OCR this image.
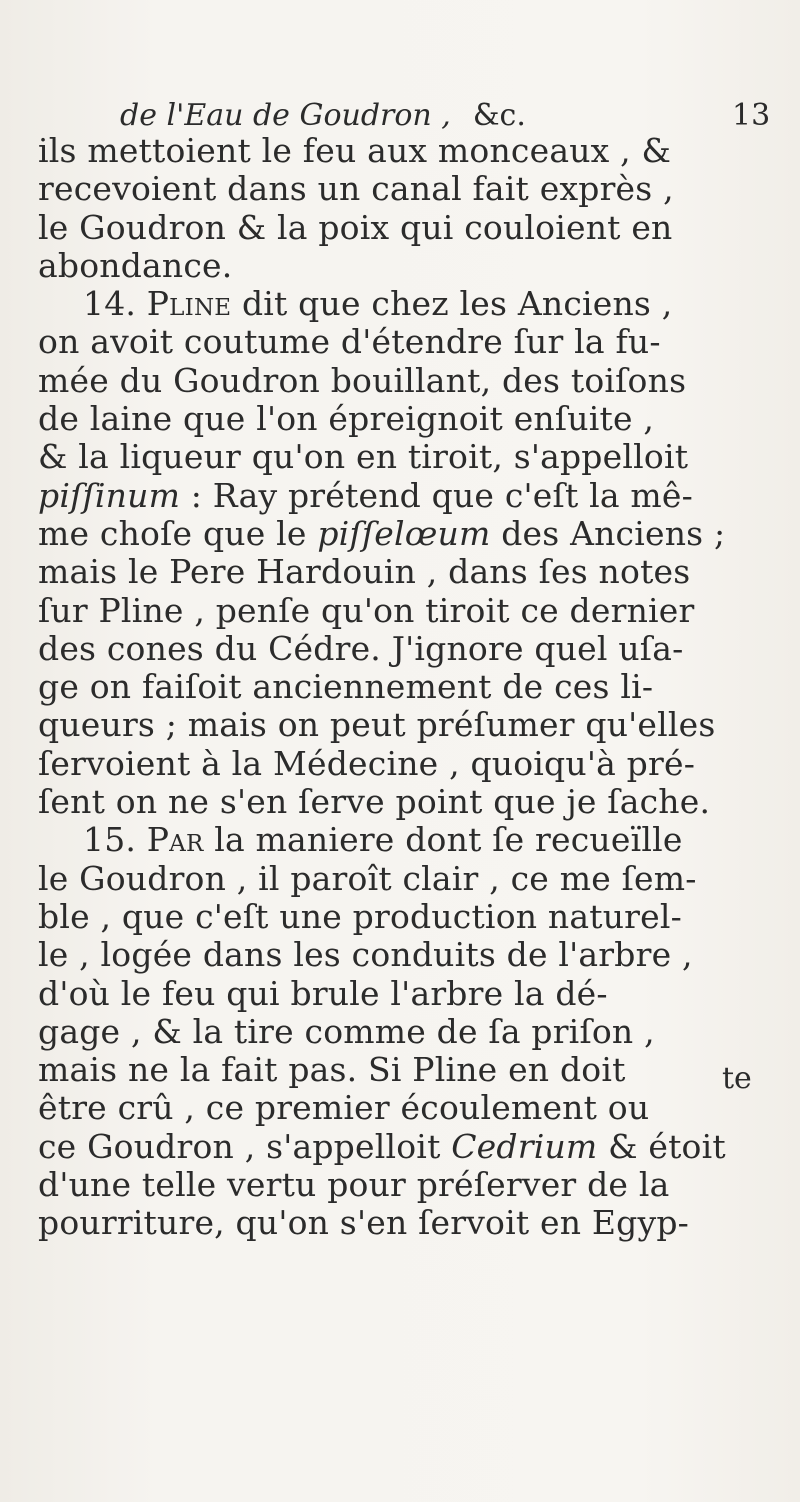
de l'Eau de Goudron , &c.	13
ils mettoient le feu aux monceaux , &
recevoient dans un canal fait exprès ,
le Goudron & la poix qui couloient en
abondance.
14. Pline dit que chez les Anciens ,
on avoit coutume d'étendre ſur la fu-
mée du Goudron bouillant, des toiſons
de laine que l'on épreignoit enſuite ,
& la liqueur qu'on en tiroit, s'appelloit
piſſinum : Ray prétend que c'eſt la mê-
me choſe que le piſſelœum des Anciens ;
mais le Pere Hardouin , dans ſes notes
ſur Pline , penſe qu'on tiroit ce dernier
des cones du Cédre. J'ignore quel uſa-
ge on faiſoit anciennement de ces li-
queurs ; mais on peut préſumer qu'elles
ſervoient à la Médecine , quoiqu'à pré-
ſent on ne s'en ſerve point que je ſache.
15. Par la maniere dont ſe recueïlle
le Goudron , il paroît clair , ce me ſem-
ble , que c'eſt une production naturel-
le , logée dans les conduits de l'arbre ,
d'où le feu qui brule l'arbre la dé-
gage , & la tire comme de ſa priſon ,
mais ne la fait pas. Si Pline en doit
être crû , ce premier écoulement ou
ce Goudron , s'appelloit Cedrium & étoit
d'une telle vertu pour préſerver de la
pourriture, qu'on s'en ſervoit en Egyp-
te
